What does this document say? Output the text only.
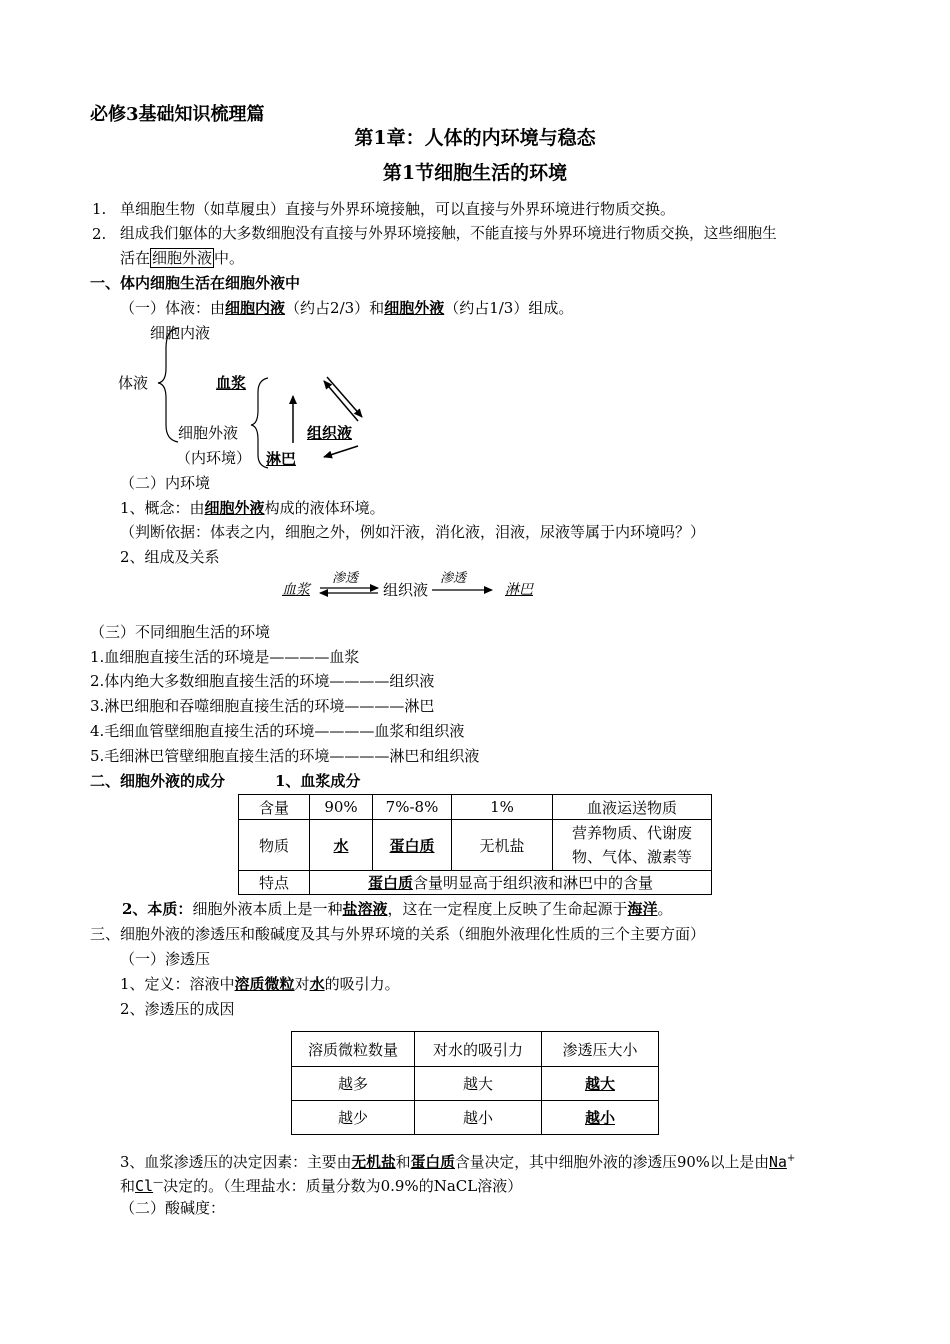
必修3基础知识梳理篇
第1章：人体的内环境与稳态
第1节细胞生活的环境
1. 单细胞生物（如草履虫）直接与外界环境接触，可以直接与外界环境进行物质交换。
2. 组成我们躯体的大多数细胞没有直接与外界环境接触，不能直接与外界环境进行物质交换，这些细胞生
活在 细胞外液 中。
一、体内细胞生活在细胞外液中
（一）体液：由细胞内液（约占2/3）和细胞外液（约占1/3）组成。
细胞内液
体液
细胞外液
（内环境）
血浆
组织液
淋巴
（二）内环境
1、概念：由细胞外液构成的液体环境。
（判断依据：体表之内，细胞之外，例如汗液，消化液，泪液，尿液等属于内环境吗？）
2、组成及关系
血浆
渗透
组织液
渗透
淋巴
（三）不同细胞生活的环境
1.血细胞直接生活的环境是————血浆
2.体内绝大多数细胞直接生活的环境————组织液
3.淋巴细胞和吞噬细胞直接生活的环境————淋巴
4.毛细血管壁细胞直接生活的环境————血浆和组织液
5.毛细淋巴管壁细胞直接生活的环境————淋巴和组织液
二、细胞外液的成分	1、血浆成分
含量	90%	7%-8%	1%	血液运送物质
物质	水	蛋白质	无机盐	营养物质、代谢废
物、气体、激素等

特点	蛋白质含量明显高于组织液和淋巴中的含量			
2、本质：细胞外液本质上是一种盐溶液，这在一定程度上反映了生命起源于海洋。
三、细胞外液的渗透压和酸碱度及其与外界环境的关系（细胞外液理化性质的三个主要方面）
（一）渗透压
1、定义：溶液中溶质微粒对水的吸引力。
2、渗透压的成因
溶质微粒数量	对水的吸引力	渗透压大小
越多	越大	越大
越少	越小	越小
3、血浆渗透压的决定因素：主要由无机盐和蛋白质含量决定，其中细胞外液的渗透压90%以上是由Na+
和Cl—决定的。（生理盐水：质量分数为0.9%的NaCL溶液）
（二）酸碱度：
